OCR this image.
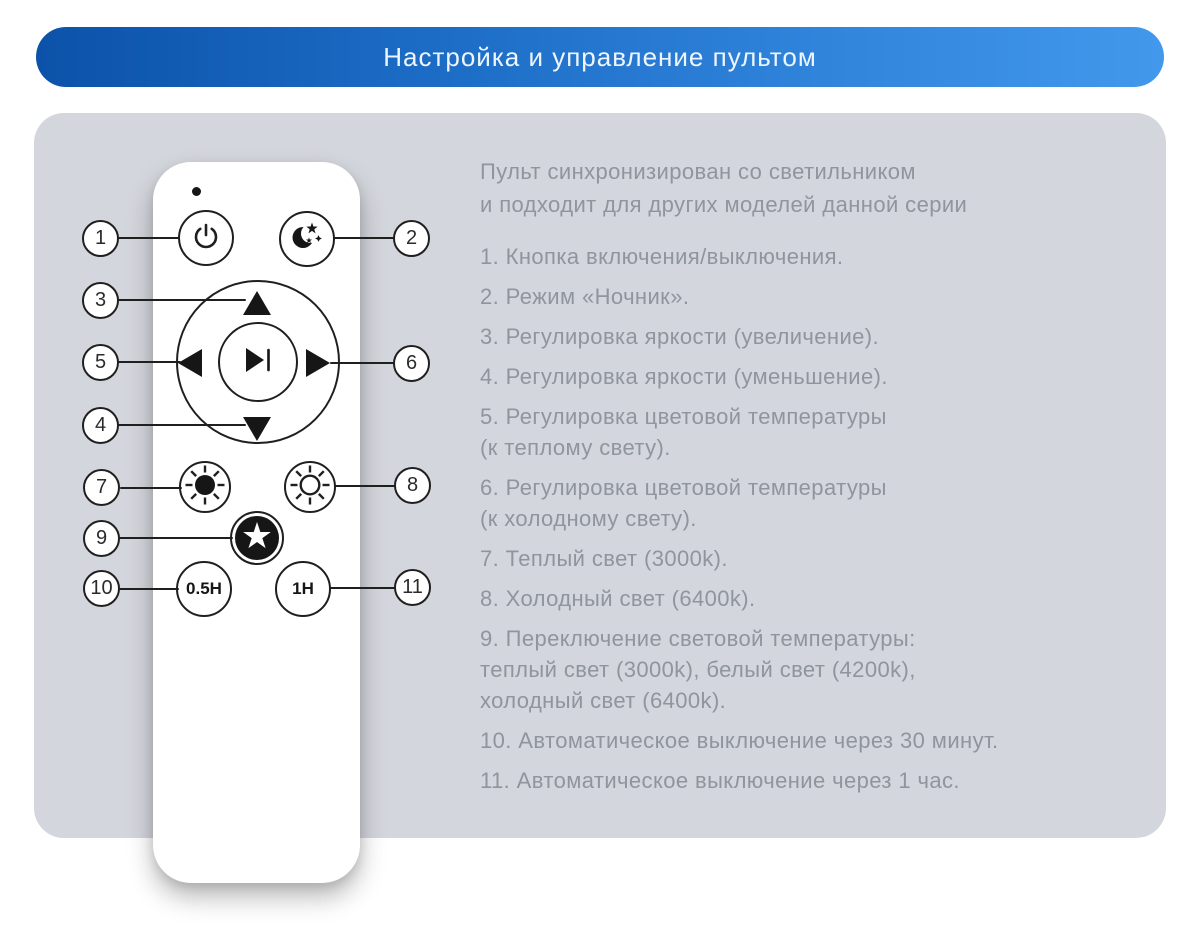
Настройка и управление пультом
★
0.5H	1H
1	2
3
4
5	6
7	8
9
10	11
Пульт синхронизирован со светильником
и подходит для других моделей данной серии
1. Кнопка включения/выключения.
2. Режим «Ночник».
3. Регулировка яркости (увеличение).
4. Регулировка яркости (уменьшение).
5. Регулировка цветовой температуры
(к теплому свету).
6. Регулировка цветовой температуры
(к холодному свету).
7. Теплый свет (3000k).
8. Холодный свет (6400k).
9. Переключение световой температуры:
теплый свет (3000k), белый свет (4200k),
холодный свет (6400k).
10. Автоматическое выключение через 30 минут.
11. Автоматическое выключение через 1 час.
